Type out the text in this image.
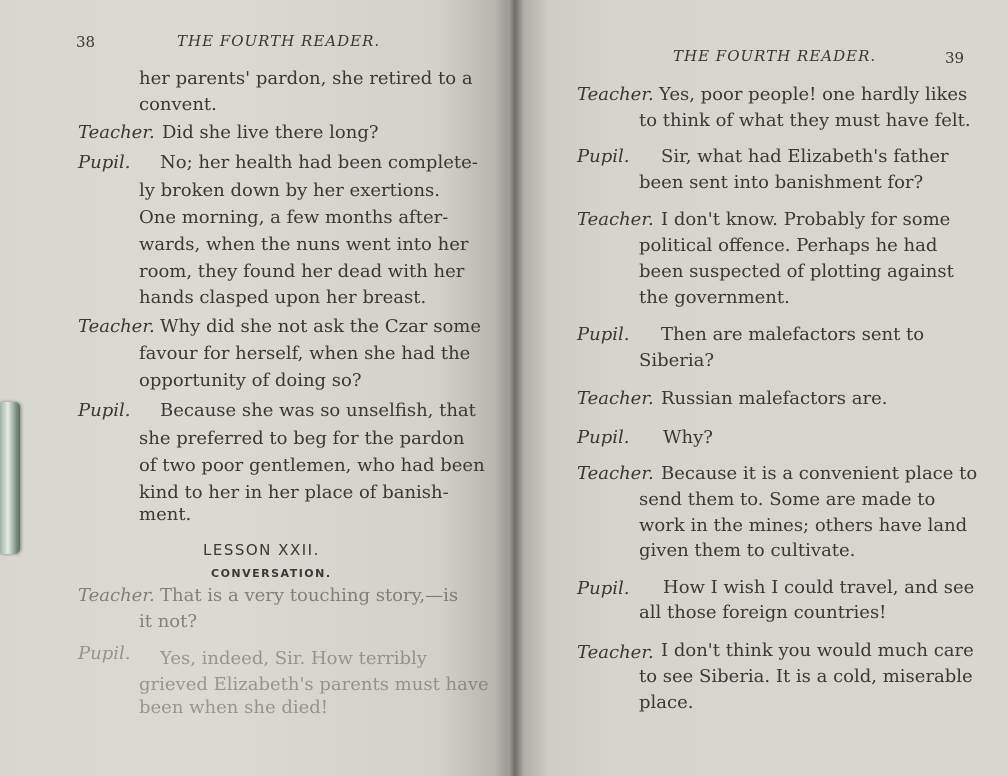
38	THE FOURTH READER.
her parents' pardon, she retired to a
convent.
Teacher. Did she live there long?
Pupil. No; her health had been complete-
ly broken down by her exertions.
One morning, a few months after-
wards, when the nuns went into her
room, they found her dead with her
hands clasped upon her breast.
Teacher. Why did she not ask the Czar some
favour for herself, when she had the
opportunity of doing so?
Pupil. Because she was so unselfish, that
she preferred to beg for the pardon
of two poor gentlemen, who had been
kind to her in her place of banish-
ment.
LESSON XXII.
CONVERSATION.
Teacher. That is a very touching story,—is
it not?
Pupil. Yes, indeed, Sir. How terribly
grieved Elizabeth's parents must have
been when she died!
THE FOURTH READER.	39
Teacher. Yes, poor people! one hardly likes
to think of what they must have felt.
Pupil. Sir, what had Elizabeth's father
been sent into banishment for?
Teacher. I don't know. Probably for some
political offence. Perhaps he had
been suspected of plotting against
the government.
Pupil. Then are malefactors sent to
Siberia?
Teacher. Russian malefactors are.
Pupil. Why?
Teacher. Because it is a convenient place to
send them to. Some are made to
work in the mines; others have land
given them to cultivate.
Pupil. How I wish I could travel, and see
all those foreign countries!
Teacher. I don't think you would much care
to see Siberia. It is a cold, miserable
place.
